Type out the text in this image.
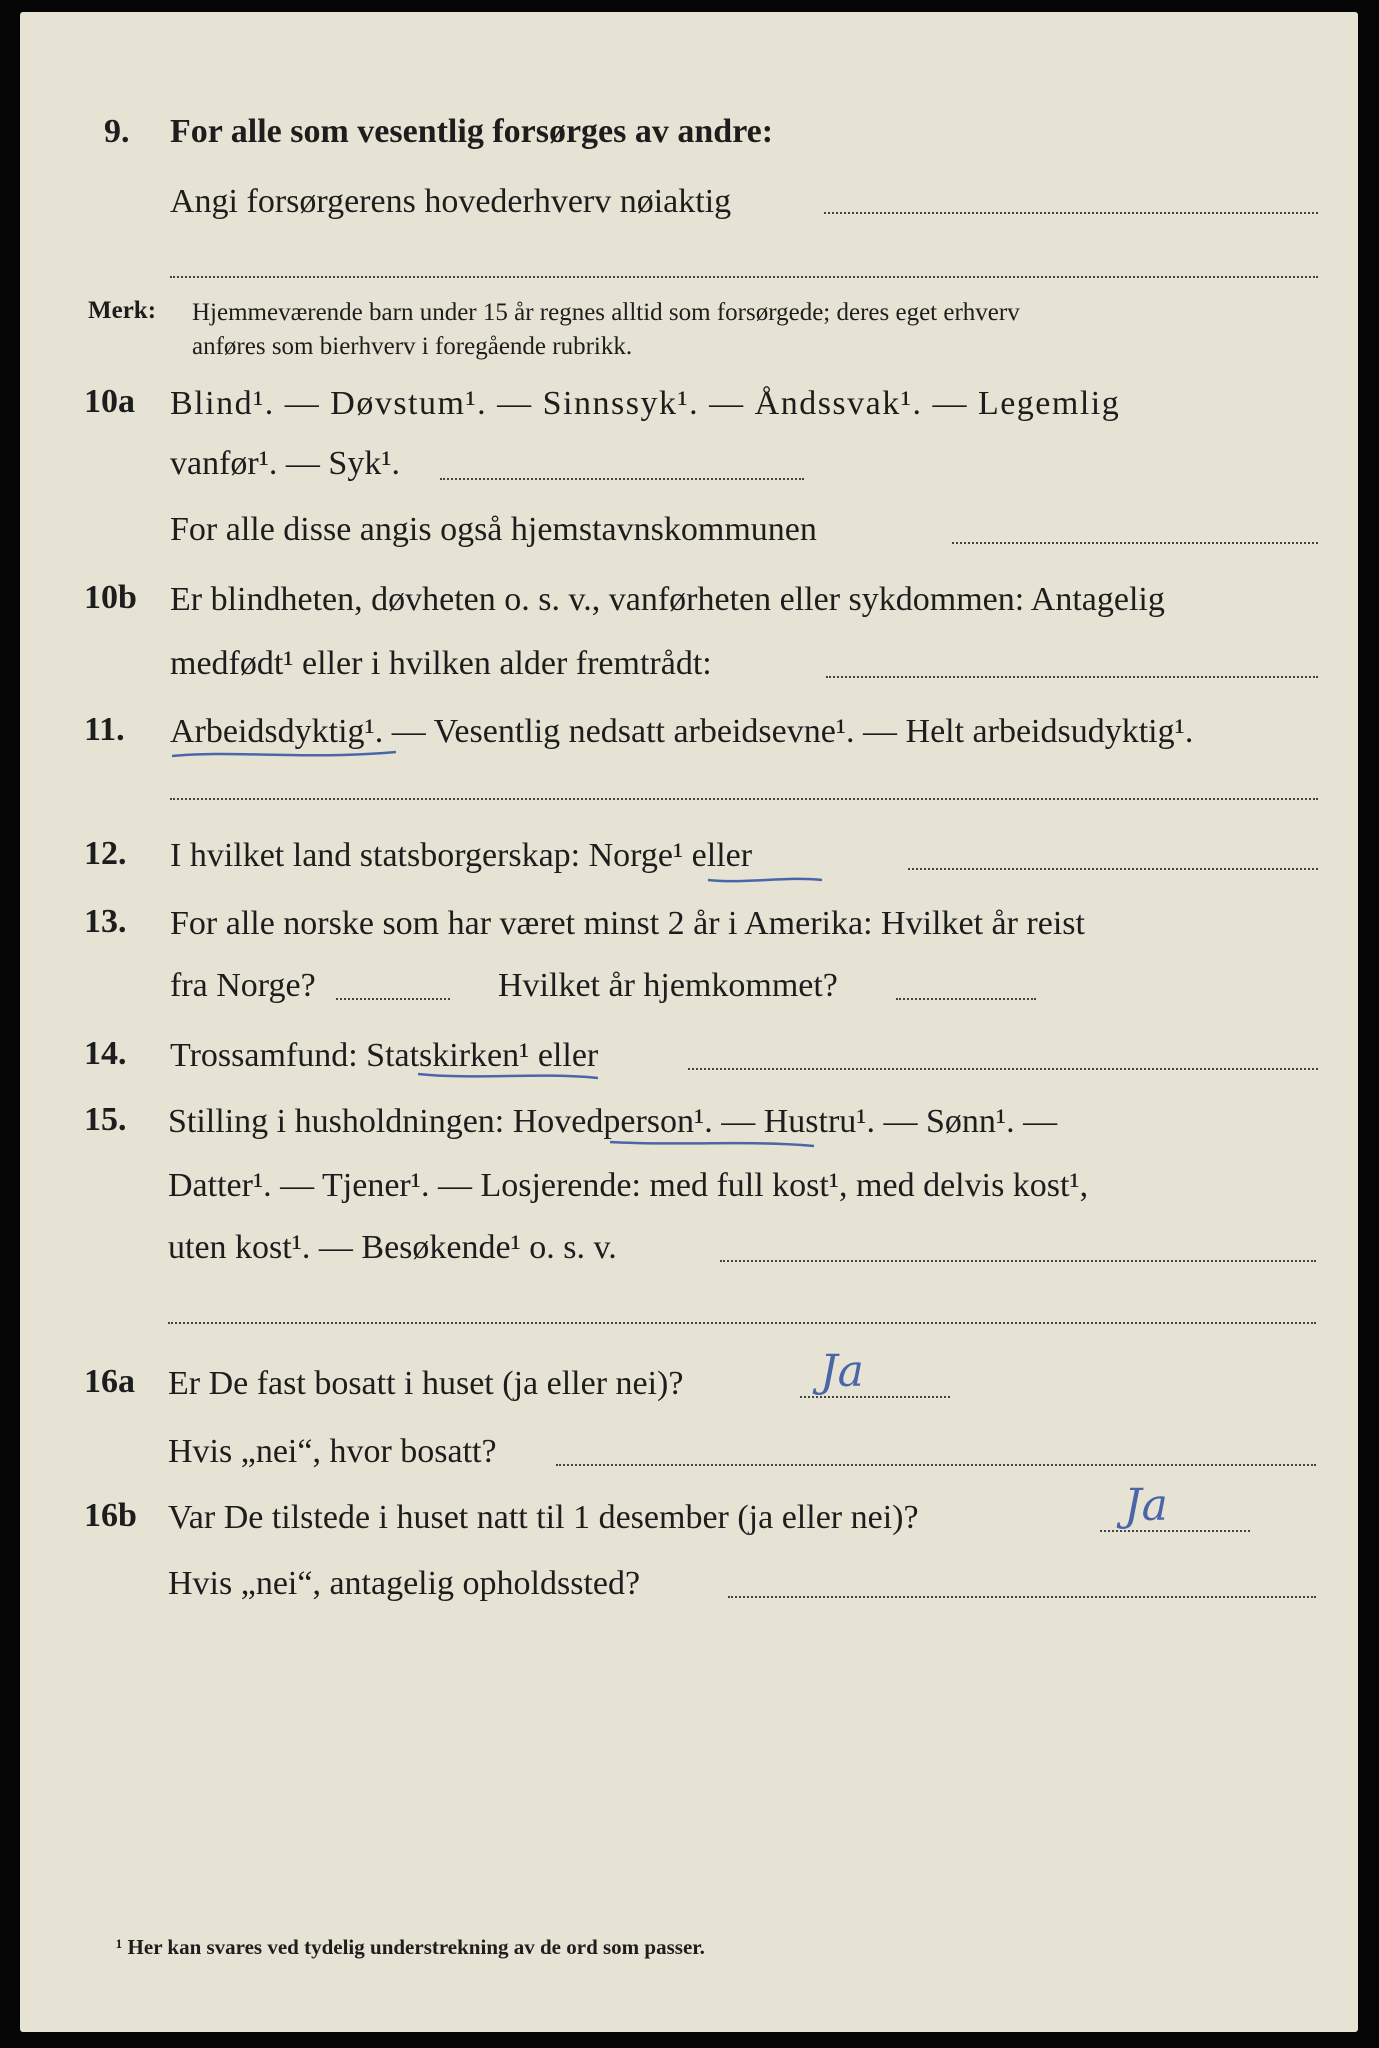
9. For alle som vesentlig forsørges av andre:
Angi forsørgerens hovederhverv nøiaktig
Merk: Hjemmeværende barn under 15 år regnes alltid som forsørgede; deres eget erhverv
anføres som bierhverv i foregående rubrikk.
10a Blind¹. — Døvstum¹. — Sinnssyk¹. — Åndssvak¹. — Legemlig
vanfør¹. — Syk¹.
For alle disse angis også hjemstavnskommunen
10b Er blindheten, døvheten o. s. v., vanførheten eller sykdommen: Antagelig
medfødt¹ eller i hvilken alder fremtrådt:
11. Arbeidsdyktig¹. — Vesentlig nedsatt arbeidsevne¹. — Helt arbeidsudyktig¹.
12. I hvilket land statsborgerskap: Norge¹ eller
13. For alle norske som har været minst 2 år i Amerika: Hvilket år reist
fra Norge?	Hvilket år hjemkommet?
14. Trossamfund: Statskirken¹ eller
15. Stilling i husholdningen: Hovedperson¹. — Hustru¹. — Sønn¹. —
Datter¹. — Tjener¹. — Losjerende: med full kost¹, med delvis kost¹,
uten kost¹. — Besøkende¹ o. s. v.
16a Er De fast bosatt i huset (ja eller nei)?	Ja
Hvis „nei“, hvor bosatt?
16b Var De tilstede i huset natt til 1 desember (ja eller nei)?	Ja
Hvis „nei“, antagelig opholdssted?
¹ Her kan svares ved tydelig understrekning av de ord som passer.
